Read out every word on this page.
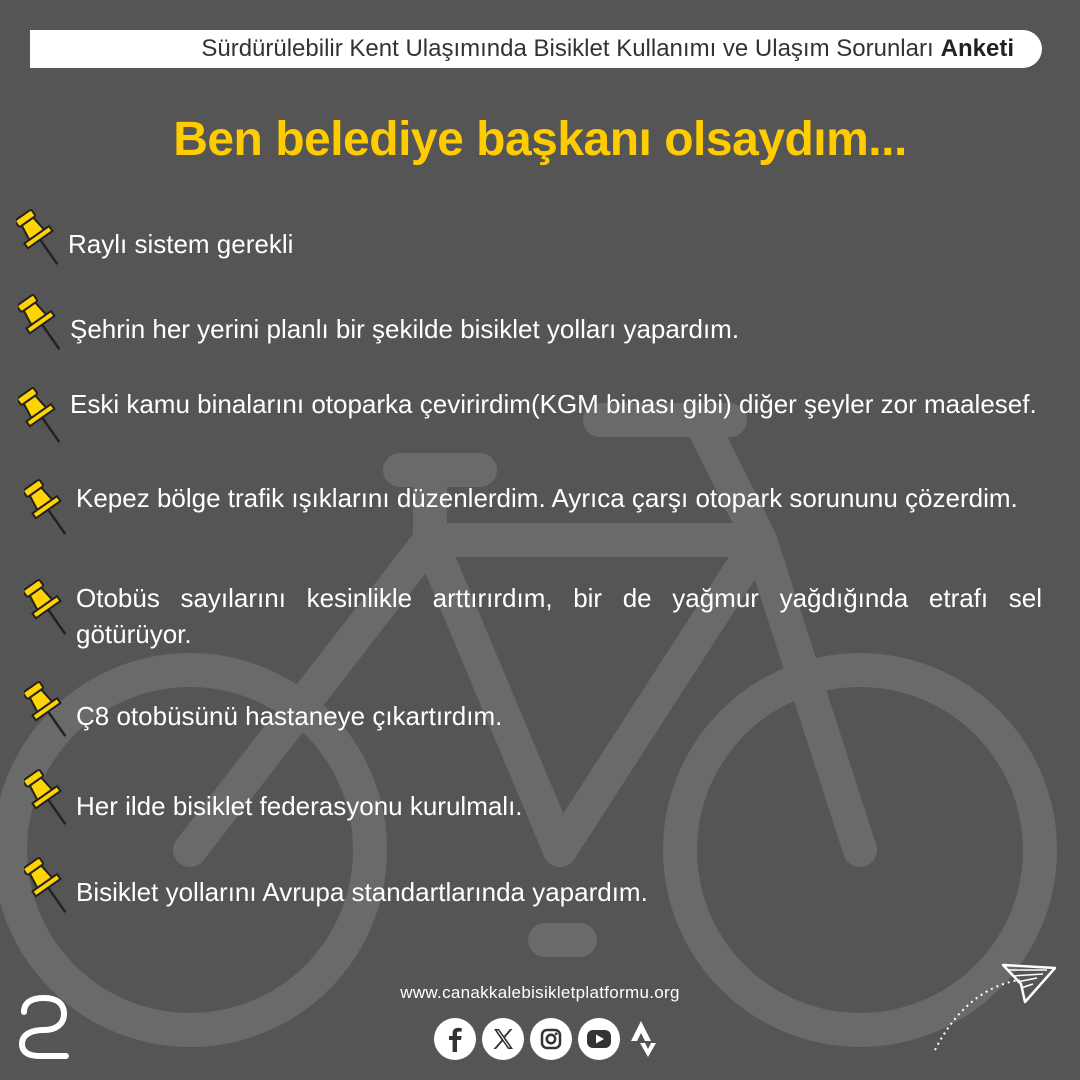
Sürdürülebilir Kent Ulaşımında Bisiklet Kullanımı ve Ulaşım Sorunları Anketi
Ben belediye başkanı olsaydım...
Raylı sistem gerekli
Şehrin her yerini planlı bir şekilde bisiklet yolları yapardım.
Eski kamu binalarını otoparka çevirirdim(KGM binası gibi) diğer şeyler zor maalesef.
Kepez bölge trafik ışıklarını düzenlerdim. Ayrıca çarşı otopark sorununu çözerdim.
Otobüs sayılarını kesinlikle arttırırdım, bir de yağmur yağdığında etrafı sel götürüyor.
Ç8 otobüsünü hastaneye çıkartırdım.
Her ilde bisiklet federasyonu kurulmalı.
Bisiklet yollarını Avrupa standartlarında yapardım.
www.canakkalebisikletplatformu.org
